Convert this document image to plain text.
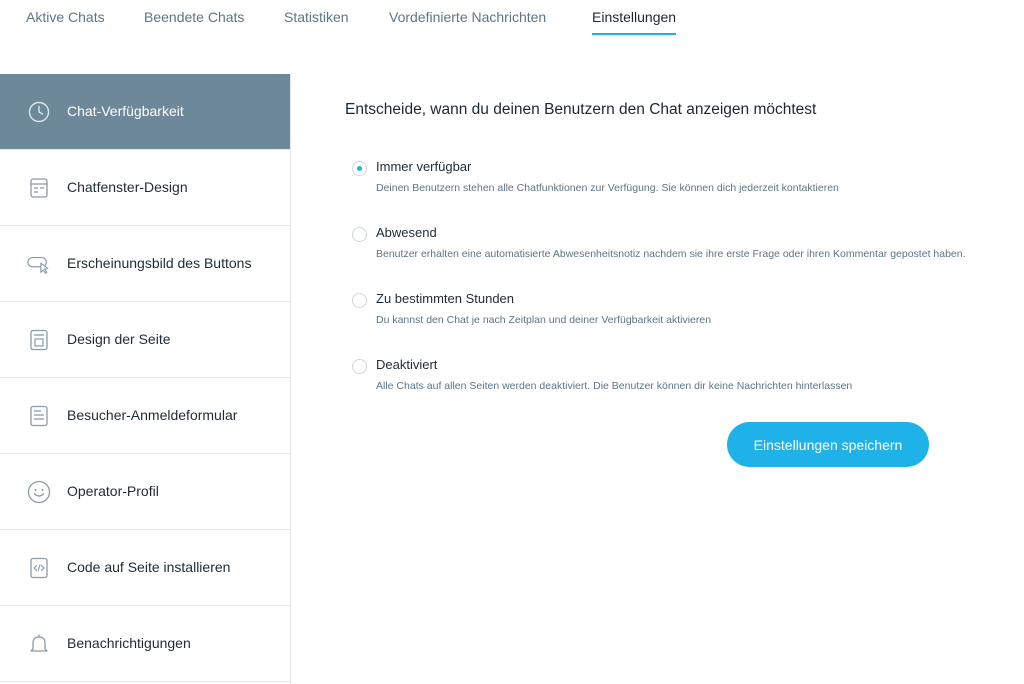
Aktive Chats	Beendete Chats	Statistiken	Vordefinierte Nachrichten	Einstellungen
Chat-Verfügbarkeit
Chatfenster-Design
Erscheinungsbild des Buttons
Design der Seite
Besucher-Anmeldeformular
Operator-Profil
Code auf Seite installieren
Benachrichtigungen
Entscheide, wann du deinen Benutzern den Chat anzeigen möchtest
Immer verfügbar
Deinen Benutzern stehen alle Chatfunktionen zur Verfügung. Sie können dich jederzeit kontaktieren
Abwesend
Benutzer erhalten eine automatisierte Abwesenheitsnotiz nachdem sie ihre erste Frage oder ihren Kommentar gepostet haben.
Zu bestimmten Stunden
Du kannst den Chat je nach Zeitplan und deiner Verfügbarkeit aktivieren
Deaktiviert
Alle Chats auf allen Seiten werden deaktiviert. Die Benutzer können dir keine Nachrichten hinterlassen
Einstellungen speichern
